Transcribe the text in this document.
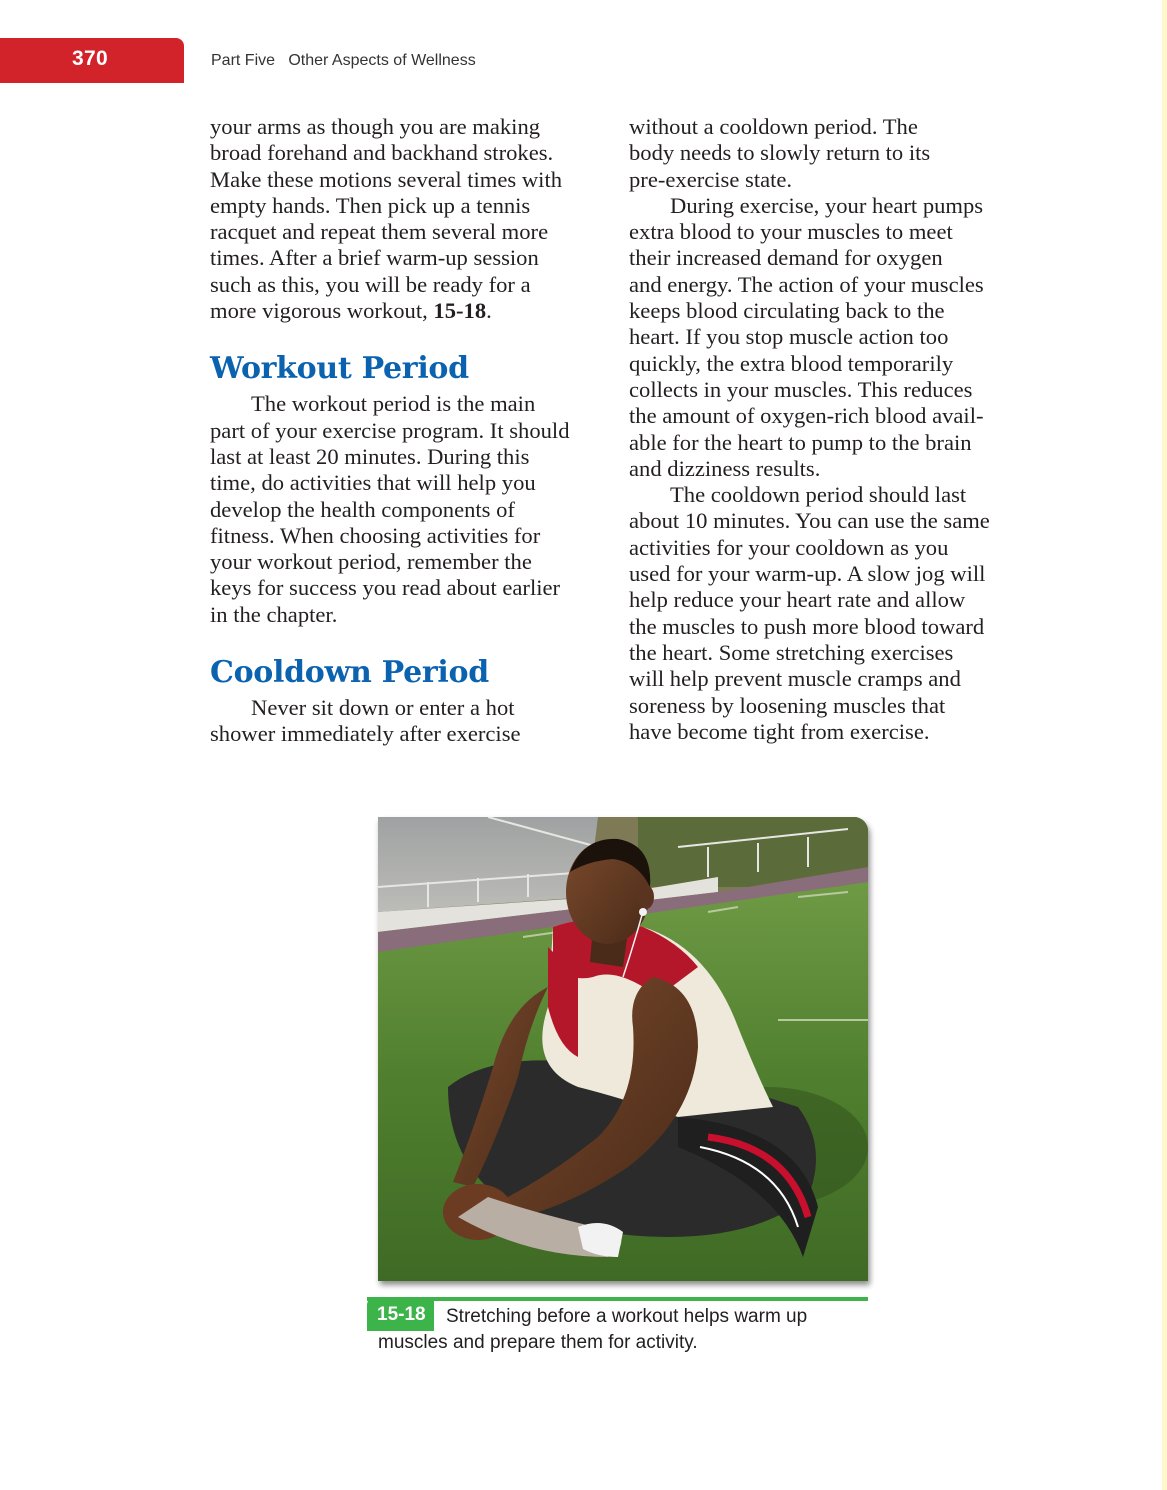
370	Part Five   Other Aspects of Wellness
your arms as though you are making
broad forehand and backhand strokes.
Make these motions several times with
empty hands. Then pick up a tennis
racquet and repeat them several more
times. After a brief warm-up session
such as this, you will be ready for a
more vigorous workout, 15-18.
Workout Period
The workout period is the main
part of your exercise program. It should
last at least 20 minutes. During this
time, do activities that will help you
develop the health components of
fitness. When choosing activities for
your workout period, remember the
keys for success you read about earlier
in the chapter.
Cooldown Period
Never sit down or enter a hot
shower immediately after exercise
without a cooldown period. The
body needs to slowly return to its
pre-exercise state.
During exercise, your heart pumps
extra blood to your muscles to meet
their increased demand for oxygen
and energy. The action of your muscles
keeps blood circulating back to the
heart. If you stop muscle action too
quickly, the extra blood temporarily
collects in your muscles. This reduces
the amount of oxygen-rich blood avail-
able for the heart to pump to the brain
and dizziness results.
The cooldown period should last
about 10 minutes. You can use the same
activities for your cooldown as you
used for your warm-up. A slow jog will
help reduce your heart rate and allow
the muscles to push more blood toward
the heart. Some stretching exercises
will help prevent muscle cramps and
soreness by loosening muscles that
have become tight from exercise.
15-18	Stretching before a workout helps warm up
muscles and prepare them for activity.
